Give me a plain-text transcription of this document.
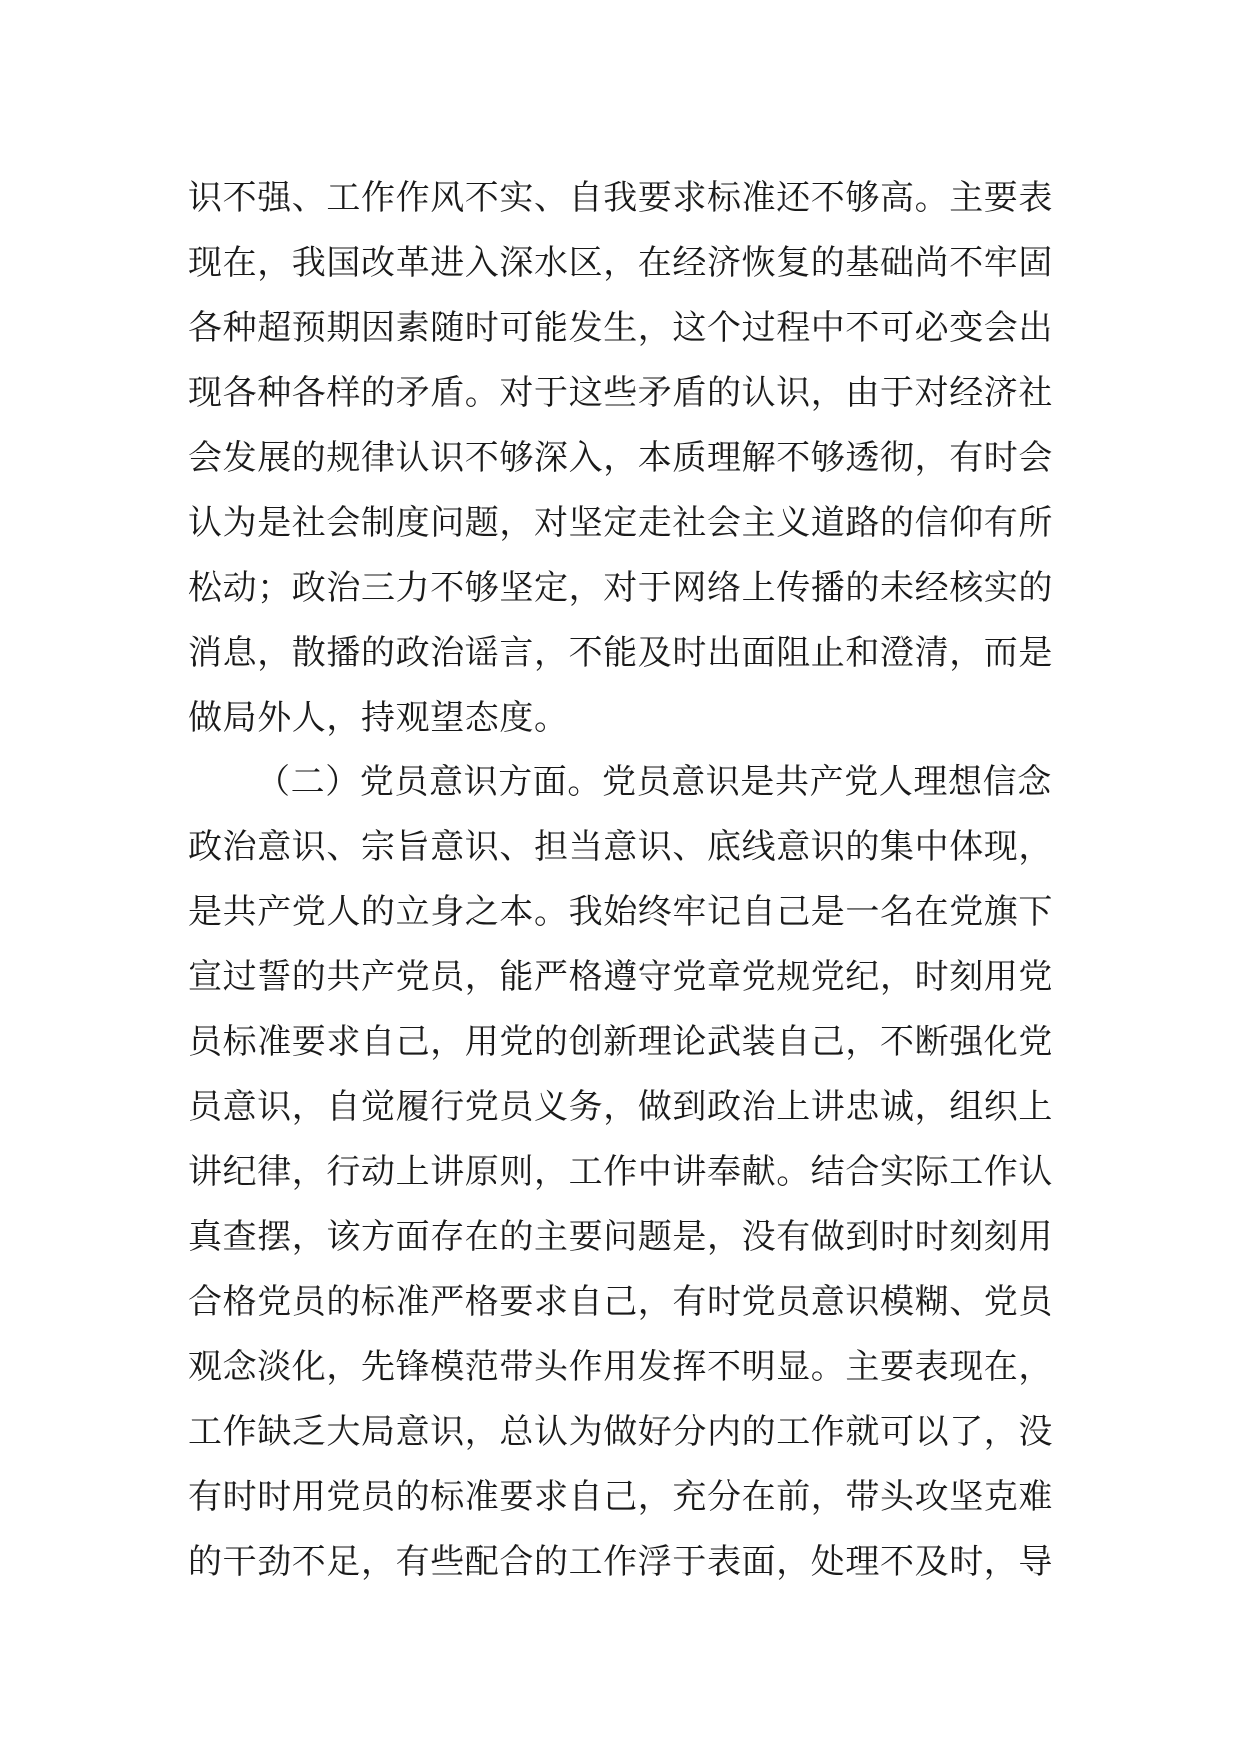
识不强、工作作风不实、自我要求标准还不够高。主要表
现在，我国改革进入深水区，在经济恢复的基础尚不牢固
各种超预期因素随时可能发生，这个过程中不可必变会出
现各种各样的矛盾。对于这些矛盾的认识，由于对经济社
会发展的规律认识不够深入，本质理解不够透彻，有时会
认为是社会制度问题，对坚定走社会主义道路的信仰有所
松动；政治三力不够坚定，对于网络上传播的未经核实的
消息，散播的政治谣言，不能及时出面阻止和澄清，而是
做局外人，持观望态度。
（二）党员意识方面。党员意识是共产党人理想信念
政治意识、宗旨意识、担当意识、底线意识的集中体现，
是共产党人的立身之本。我始终牢记自己是一名在党旗下
宣过誓的共产党员，能严格遵守党章党规党纪，时刻用党
员标准要求自己，用党的创新理论武装自己，不断强化党
员意识，自觉履行党员义务，做到政治上讲忠诚，组织上
讲纪律，行动上讲原则，工作中讲奉献。结合实际工作认
真查摆，该方面存在的主要问题是，没有做到时时刻刻用
合格党员的标准严格要求自己，有时党员意识模糊、党员
观念淡化，先锋模范带头作用发挥不明显。主要表现在，
工作缺乏大局意识，总认为做好分内的工作就可以了，没
有时时用党员的标准要求自己，充分在前，带头攻坚克难
的干劲不足，有些配合的工作浮于表面，处理不及时，导
